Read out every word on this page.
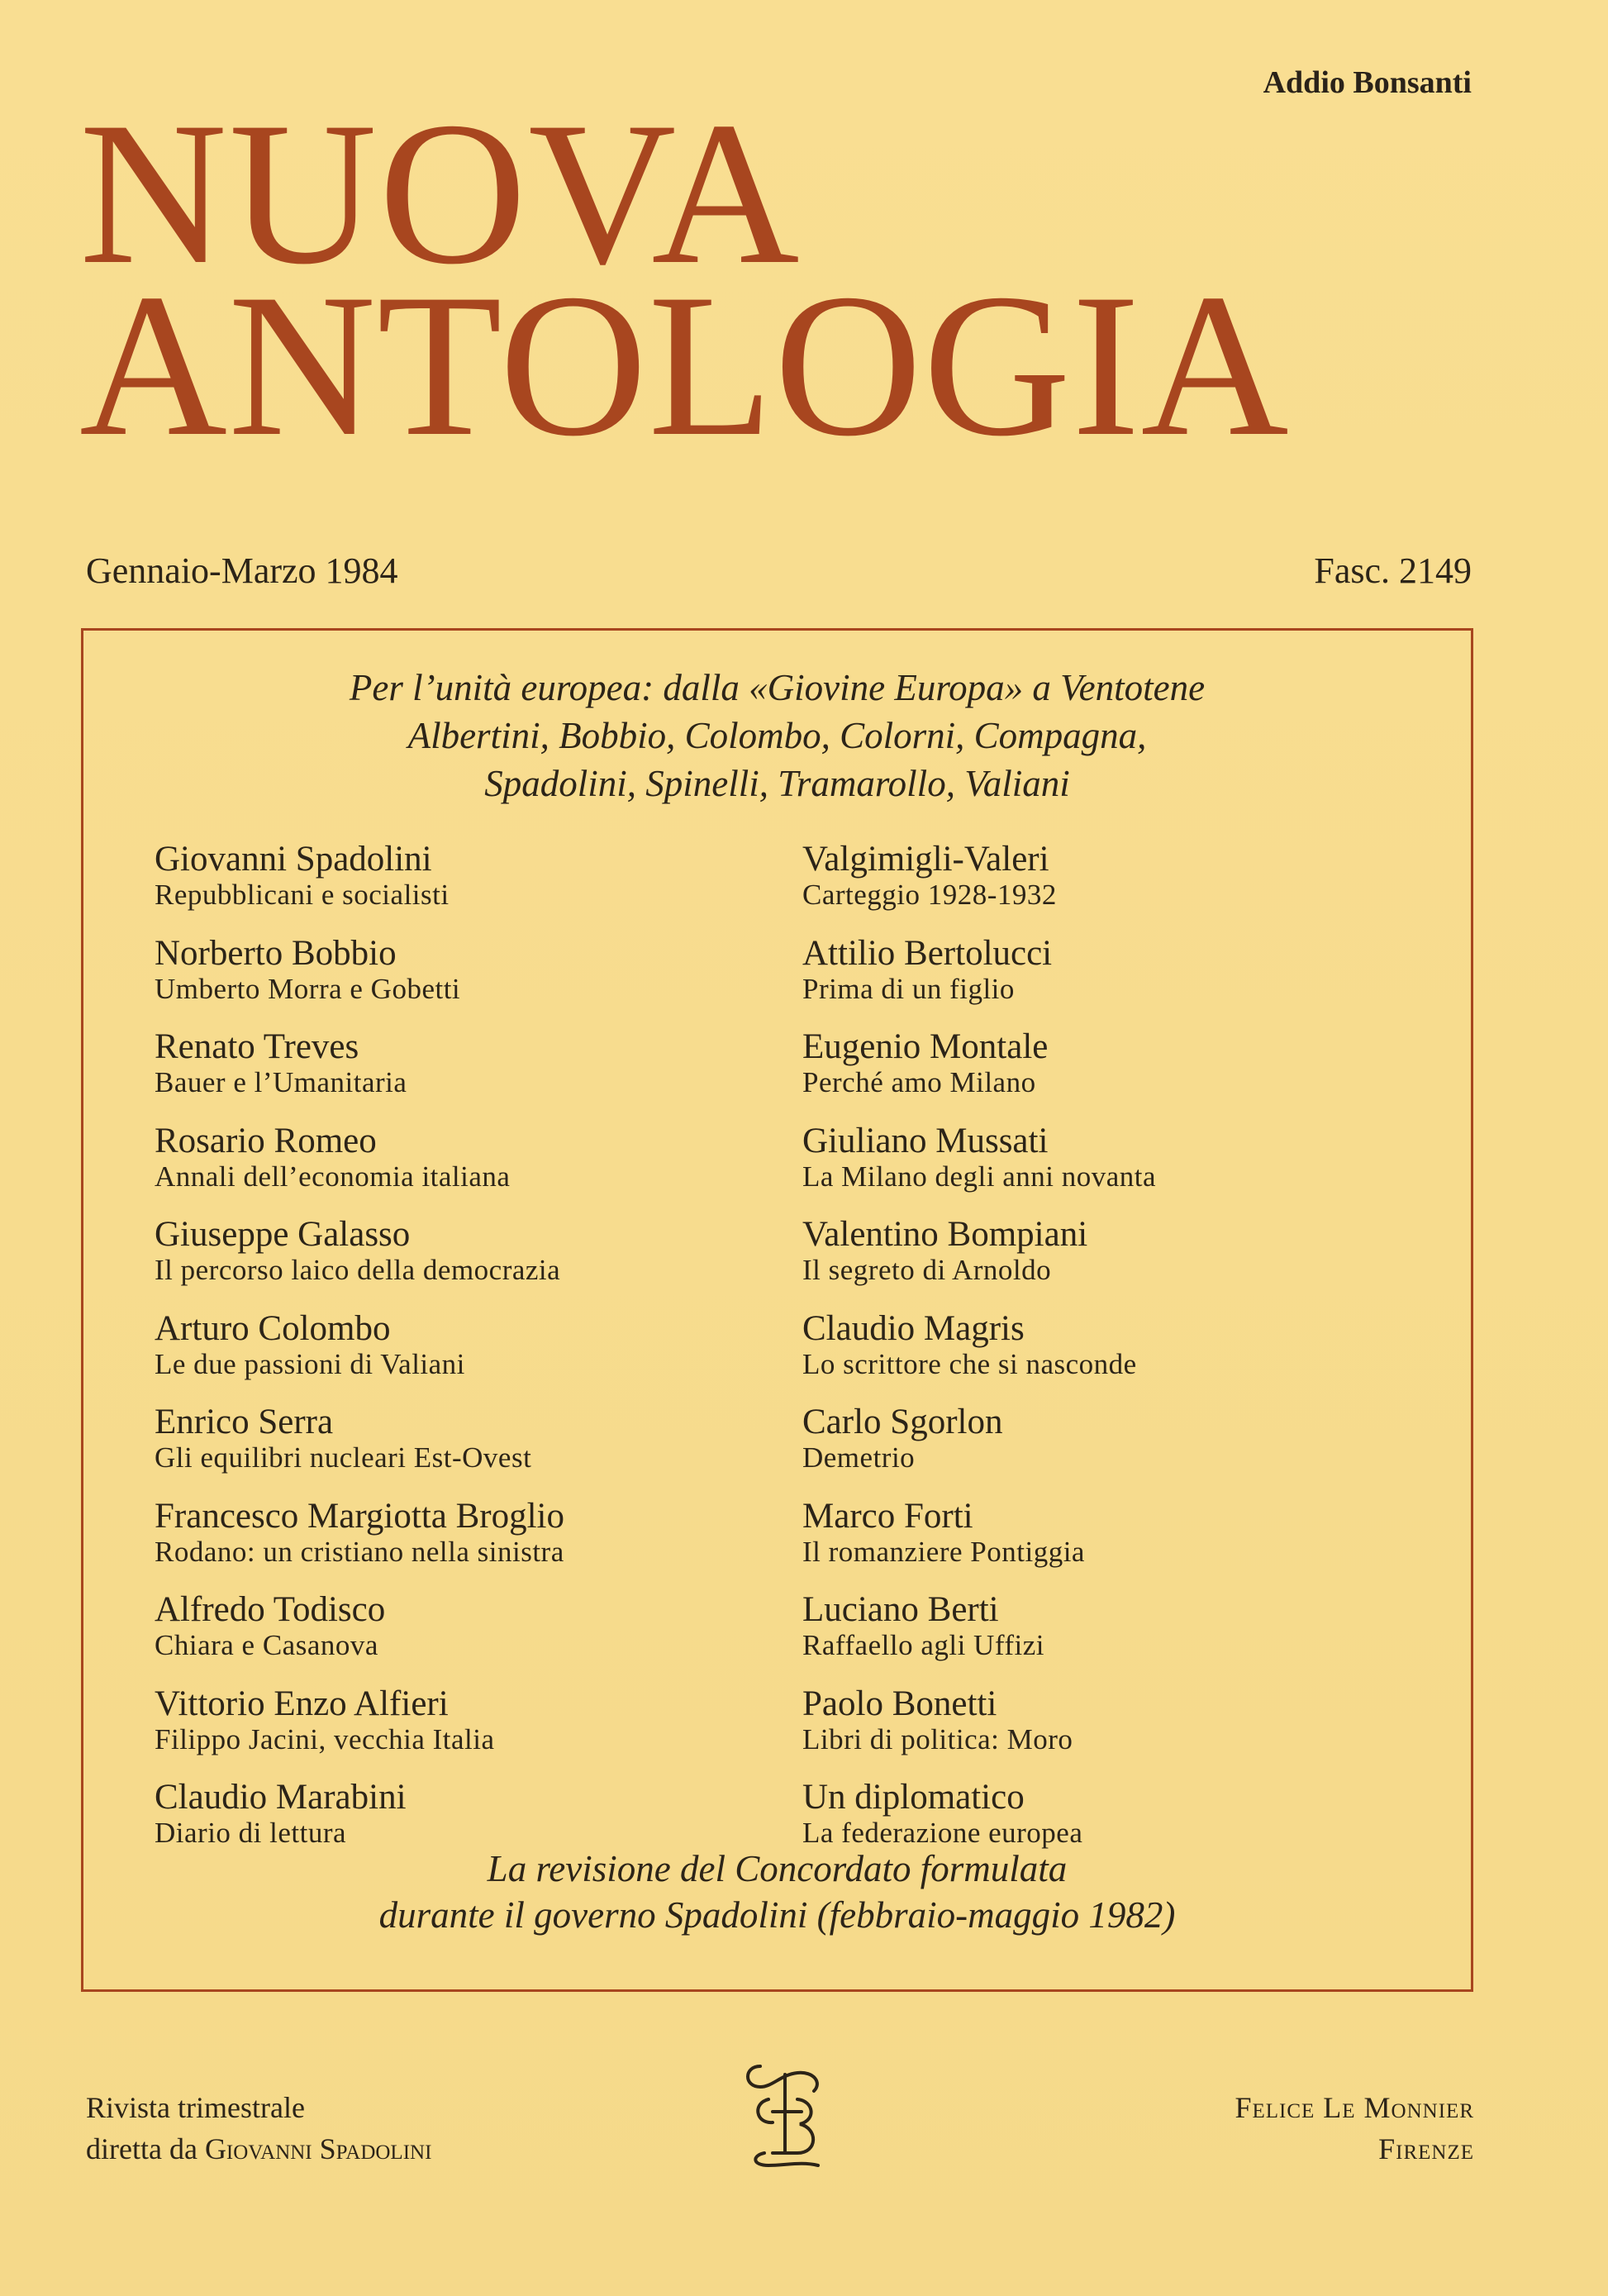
Addio Bonsanti
NUOVA
ANTOLOGIA
Gennaio-Marzo 1984	Fasc. 2149
Per l’unità europea: dalla «Giovine Europa» a Ventotene
Albertini, Bobbio, Colombo, Colorni, Compagna,
Spadolini, Spinelli, Tramarollo, Valiani
Giovanni Spadolini
Repubblicani e socialisti
Norberto Bobbio
Umberto Morra e Gobetti
Renato Treves
Bauer e l’Umanitaria
Rosario Romeo
Annali dell’economia italiana
Giuseppe Galasso
Il percorso laico della democrazia
Arturo Colombo
Le due passioni di Valiani
Enrico Serra
Gli equilibri nucleari Est-Ovest
Francesco Margiotta Broglio
Rodano: un cristiano nella sinistra
Alfredo Todisco
Chiara e Casanova
Vittorio Enzo Alfieri
Filippo Jacini, vecchia Italia
Claudio Marabini
Diario di lettura
Valgimigli-Valeri
Carteggio 1928-1932
Attilio Bertolucci
Prima di un figlio
Eugenio Montale
Perché amo Milano
Giuliano Mussati
La Milano degli anni novanta
Valentino Bompiani
Il segreto di Arnoldo
Claudio Magris
Lo scrittore che si nasconde
Carlo Sgorlon
Demetrio
Marco Forti
Il romanziere Pontiggia
Luciano Berti
Raffaello agli Uffizi
Paolo Bonetti
Libri di politica: Moro
Un diplomatico
La federazione europea
La revisione del Concordato formulata
durante il governo Spadolini (febbraio-maggio 1982)
Rivista trimestrale
diretta da Giovanni Spadolini
Felice Le Monnier
Firenze
